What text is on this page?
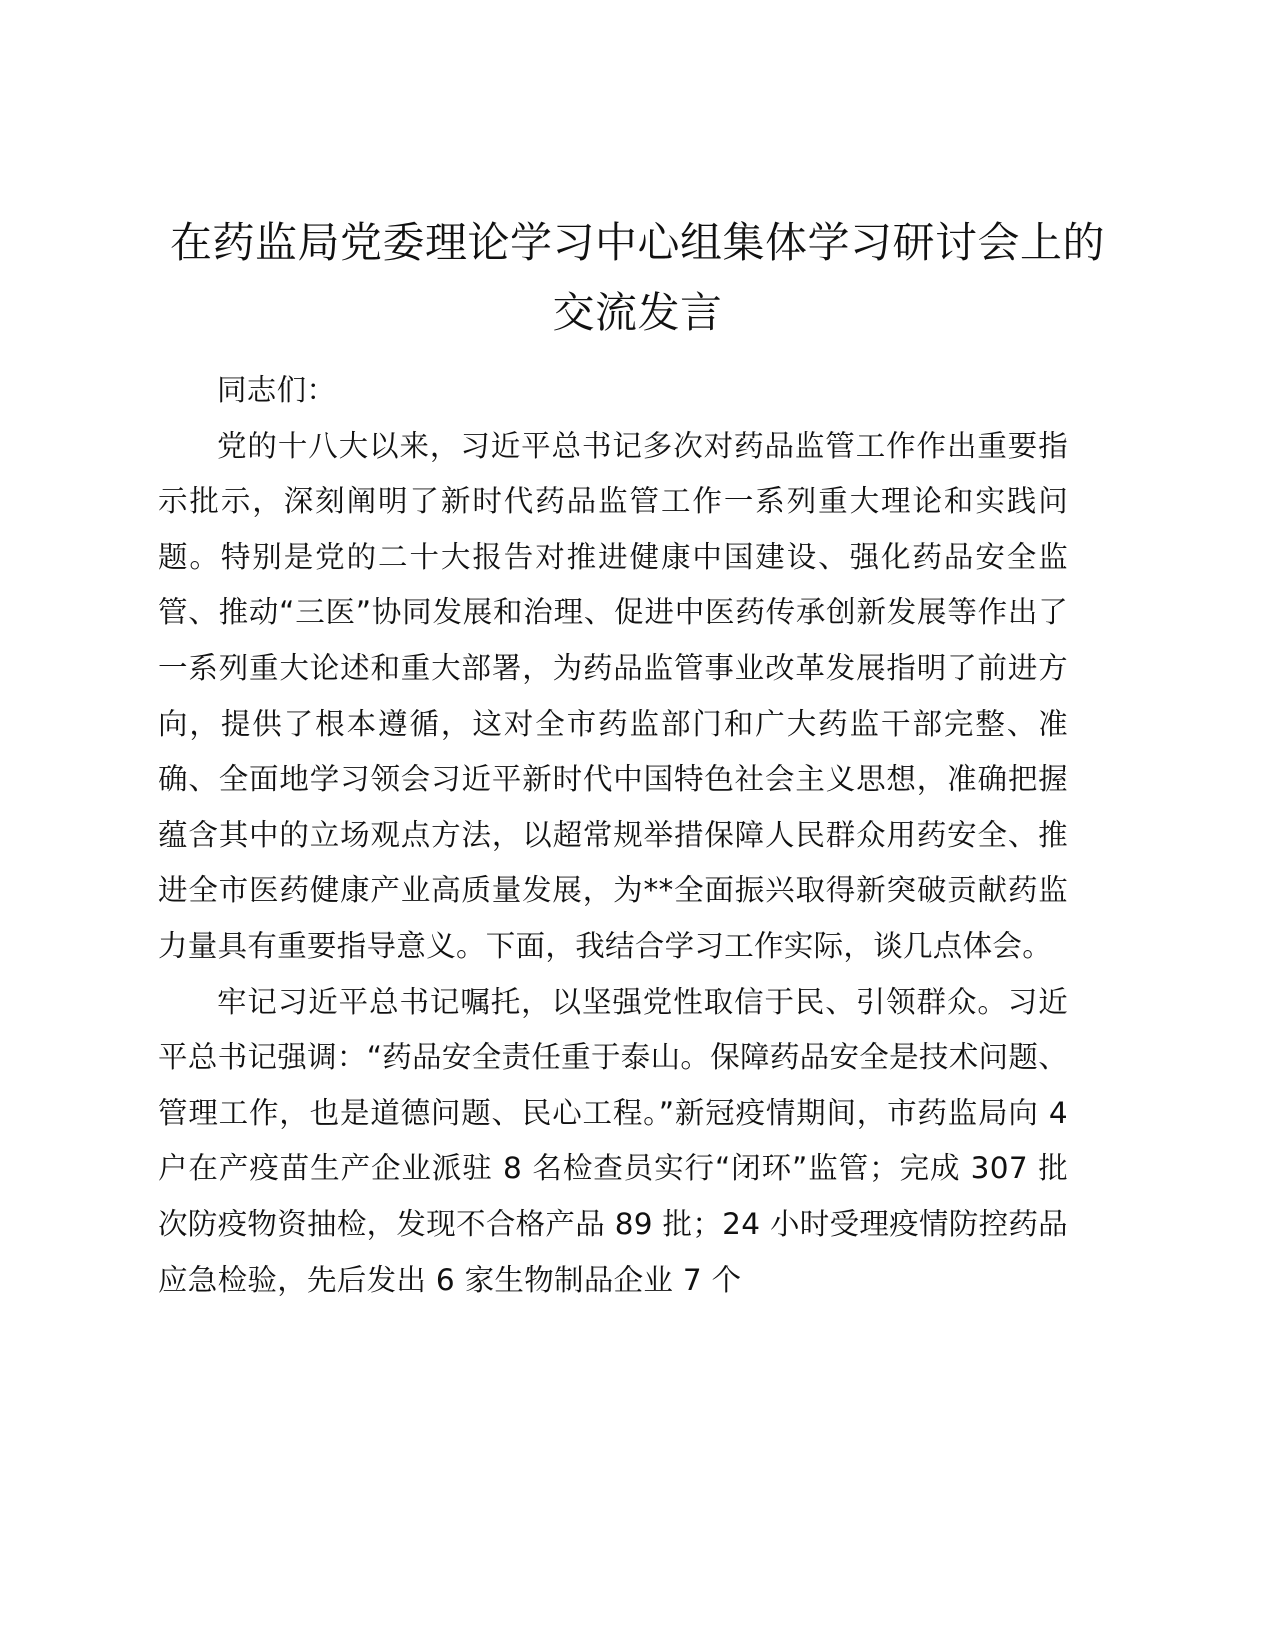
在药监局党委理论学习中心组集体学习研讨会上的交流发言

同志们：

党的十八大以来，习近平总书记多次对药品监管工作作出重要指示批示，深刻阐明了新时代药品监管工作一系列重大理论和实践问题。特别是党的二十大报告对推进健康中国建设、强化药品安全监管、推动“三医”协同发展和治理、促进中医药传承创新发展等作出了一系列重大论述和重大部署，为药品监管事业改革发展指明了前进方向，提供了根本遵循，这对全市药监部门和广大药监干部完整、准确、全面地学习领会习近平新时代中国特色社会主义思想，准确把握蕴含其中的立场观点方法，以超常规举措保障人民群众用药安全、推进全市医药健康产业高质量发展，为**全面振兴取得新突破贡献药监力量具有重要指导意义。下面，我结合学习工作实际，谈几点体会。

牢记习近平总书记嘱托，以坚强党性取信于民、引领群众。习近平总书记强调：“药品安全责任重于泰山。保障药品安全是技术问题、管理工作，也是道德问题、民心工程。”新冠疫情期间，市药监局向 4 户在产疫苗生产企业派驻 8 名检查员实行“闭环”监管；完成 307 批次防疫物资抽检，发现不合格产品 89 批；24 小时受理疫情防控药品应急检验，先后发出 6 家生物制品企业 7 个
